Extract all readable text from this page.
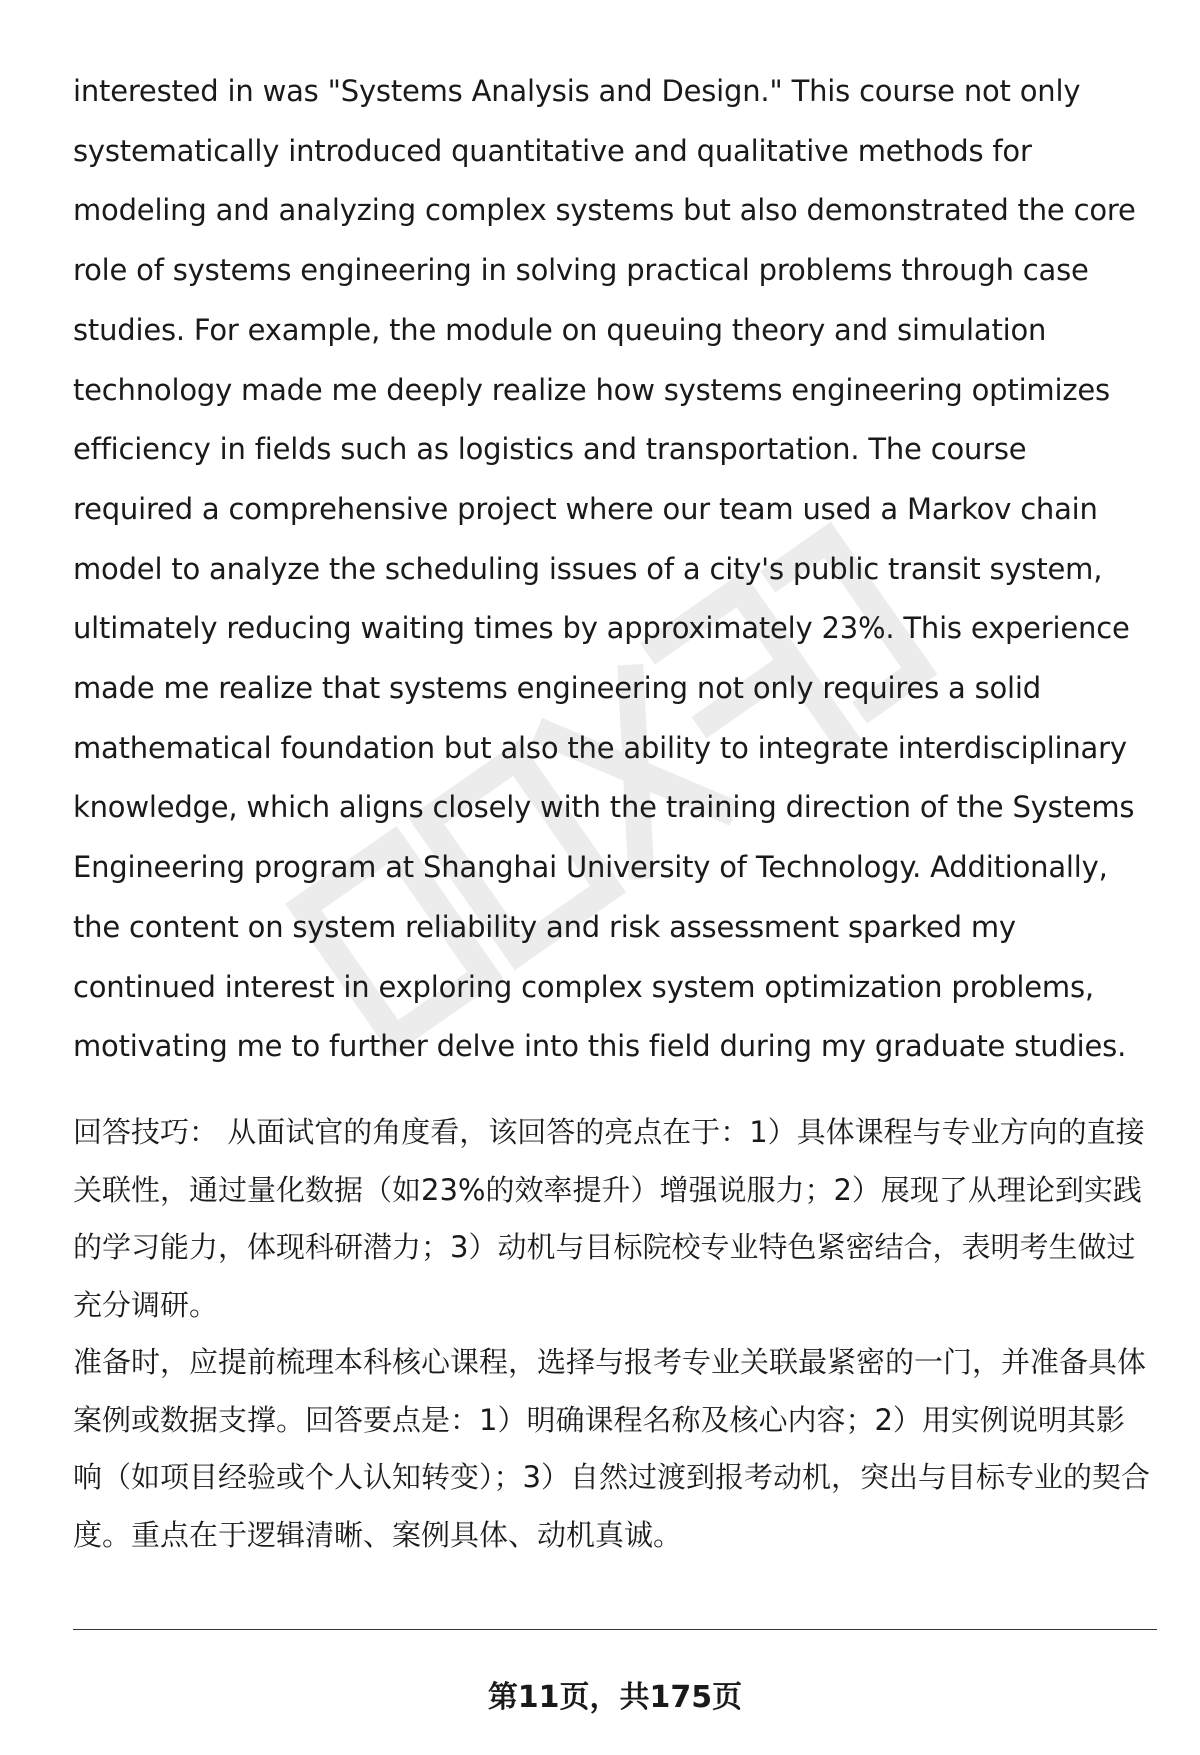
interested in was "Systems Analysis and Design." This course not only systematically introduced quantitative and qualitative methods for modeling and analyzing complex systems but also demonstrated the core role of systems engineering in solving practical problems through case studies. For example, the module on queuing theory and simulation technology made me deeply realize how systems engineering optimizes efficiency in fields such as logistics and transportation. The course required a comprehensive project where our team used a Markov chain model to analyze the scheduling issues of a city's public transit system, ultimately reducing waiting times by approximately 23%. This experience made me realize that systems engineering not only requires a solid mathematical foundation but also the ability to integrate interdisciplinary knowledge, which aligns closely with the training direction of the Systems Engineering program at Shanghai University of Technology. Additionally, the content on system reliability and risk assessment sparked my continued interest in exploring complex system optimization problems, motivating me to further delve into this field during my graduate studies.

回答技巧： 从面试官的角度看，该回答的亮点在于：1）具体课程与专业方向的直接关联性，通过量化数据（如23%的效率提升）增强说服力；2）展现了从理论到实践的学习能力，体现科研潜力；3）动机与目标院校专业特色紧密结合，表明考生做过充分调研。

准备时，应提前梳理本科核心课程，选择与报考专业关联最紧密的一门，并准备具体案例或数据支撑。回答要点是：1）明确课程名称及核心内容；2）用实例说明其影响（如项目经验或个人认知转变）；3）自然过渡到报考动机，突出与目标专业的契合度。重点在于逻辑清晰、案例具体、动机真诚。

第11页，共175页
